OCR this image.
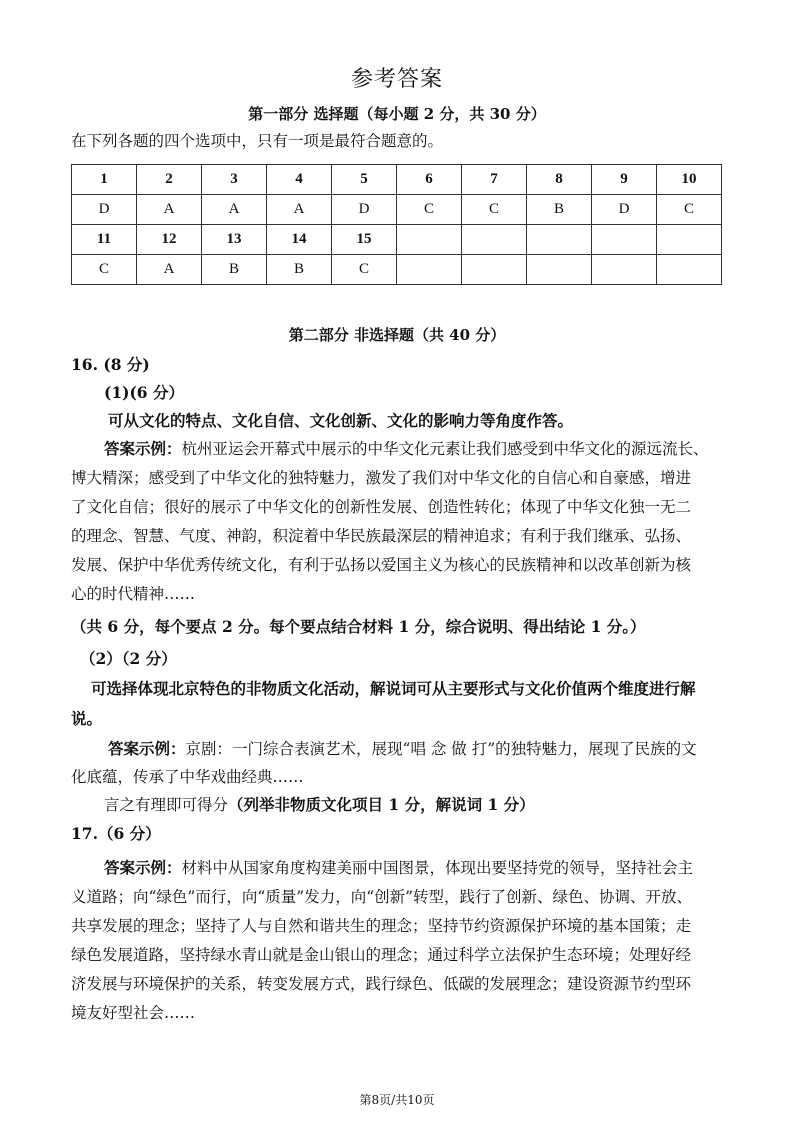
参考答案
第一部分 选择题（每小题 2 分，共 30 分）
在下列各题的四个选项中，只有一项是最符合题意的。
1	2	3	4	5	6	7	8	9	10
D	A	A	A	D	C	C	B	D	C
11	12	13	14	15					
C	A	B	B	C					
第二部分 非选择题（共 40 分）
16. (8 分)
(1)(6 分）
可从文化的特点、文化自信、文化创新、文化的影响力等角度作答。
答案示例：杭州亚运会开幕式中展示的中华文化元素让我们感受到中华文化的源远流长、
博大精深；感受到了中华文化的独特魅力，激发了我们对中华文化的自信心和自豪感，增进
了文化自信；很好的展示了中华文化的创新性发展、创造性转化；体现了中华文化独一无二
的理念、智慧、气度、神韵，积淀着中华民族最深层的精神追求；有利于我们继承、弘扬、
发展、保护中华优秀传统文化，有利于弘扬以爱国主义为核心的民族精神和以改革创新为核
心的时代精神……
（共 6 分，每个要点 2 分。每个要点结合材料 1 分，综合说明、得出结论 1 分。）
（2）（2 分）
可选择体现北京特色的非物质文化活动，解说词可从主要形式与文化价值两个维度进行解
说。
答案示例：京剧：一门综合表演艺术，展现“唱 念 做 打”的独特魅力，展现了民族的文
化底蕴，传承了中华戏曲经典……
言之有理即可得分（列举非物质文化项目 1 分，解说词 1 分）
17.（6 分）
答案示例：材料中从国家角度构建美丽中国图景，体现出要坚持党的领导，坚持社会主
义道路；向“绿色”而行，向“质量”发力，向“创新”转型，践行了创新、绿色、协调、开放、
共享发展的理念；坚持了人与自然和谐共生的理念；坚持节约资源保护环境的基本国策；走
绿色发展道路，坚持绿水青山就是金山银山的理念；通过科学立法保护生态环境；处理好经
济发展与环境保护的关系，转变发展方式，践行绿色、低碳的发展理念；建设资源节约型环
境友好型社会……
第8页/共10页
